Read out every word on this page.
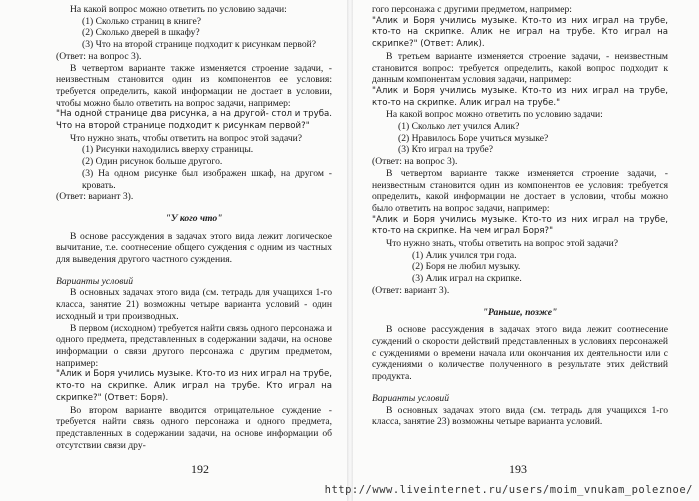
На какой вопрос можно ответить по условию задачи:

(1) Сколько страниц в книге?

(2) Сколько дверей в шкафу?

(3) Что на второй странице подходит к рисункам первой?

(Ответ: на вопрос 3).

В четвертом варианте также изменяется строение задачи, - неизвестным становится один из компонентов ее условия: требуется определить, какой информации не достает в условии, чтобы можно было ответить на вопрос задачи, например:

"На одной странице два рисунка, а на другой- стол и труба. Что на второй странице подходит к рисункам первой?"

Что нужно знать, чтобы ответить на вопрос этой задачи?

(1) Рисунки находились вверху страницы.

(2) Один рисунок больше другого.

(3) На одном рисунке был изображен шкаф, на другом - кровать.

(Ответ: вариант 3).

"У кого что"

В основе рассуждения в задачах этого вида лежит логическое вычитание, т.е. соотнесение общего суждения с одним из частных для выведения другого частного суждения.

Варианты условий

В основных задачах этого вида (см. тетрадь для учащихся 1-го класса, занятие 21) возможны четыре варианта условий - один исходный и три производных.

В первом (исходном) требуется найти связь одного персонажа и одного предмета, представленных в содержании задачи, на основе информации о связи другого персонажа с другим предметом, например:

"Алик и Боря учились музыке. Кто-то из них играл на трубе, кто-то на скрипке. Алик играл на трубе. Кто играл на скрипке?" (Ответ: Боря).

Во втором варианте вводится отрицательное суждение - требуется найти связь одного персонажа и одного предмета, представленных в содержании задачи, на основе информации об отсутствии связи дру-

гого персонажа с другими предметом, например:

"Алик и Боря учились музыке. Кто-то из них играл на трубе, кто-то на скрипке. Алик не играл на трубе. Кто играл на скрипке?" (Ответ: Алик).

В третьем варианте изменяется строение задачи, - неизвестным становится вопрос: требуется определить, какой вопрос подходит к данным компонентам условия задачи, например:

"Алик и Боря учились музыке. Кто-то из них играл на трубе, кто-то на скрипке. Алик играл на трубе."

На какой вопрос можно ответить по условию задачи:

(1) Сколько лет учился Алик?

(2) Нравилось Боре учиться музыке?

(3) Кто играл на трубе?

(Ответ: на вопрос 3).

В четвертом варианте также изменяется строение задачи, - неизвестным становится один из компонентов ее условия: требуется определить, какой информации не достает в условии, чтобы можно было ответить на вопрос задачи, например:

"Алик и Боря учились музыке. Кто-то из них играл на трубе, кто-то на скрипке. На чем играл Боря?"

Что нужно знать, чтобы ответить на вопрос этой задачи?

(1) Алик учился три года.

(2) Боря не любил музыку.

(3) Алик играл на скрипке.

(Ответ: вариант 3).

"Раньше, позже"

В основе рассуждения в задачах этого вида лежит соотнесение суждений о скорости действий представленных в условиях персонажей с суждениями о времени начала или окончания их деятельности или с суждениями о количестве полученного в результате этих действий продукта.

Варианты условий

В основных задачах этого вида (см. тетрадь для учащихся 1-го класса, занятие 23) возможны четыре варианта условий.

192	193
http://www.liveinternet.ru/users/moim_vnukam_poleznoe/
